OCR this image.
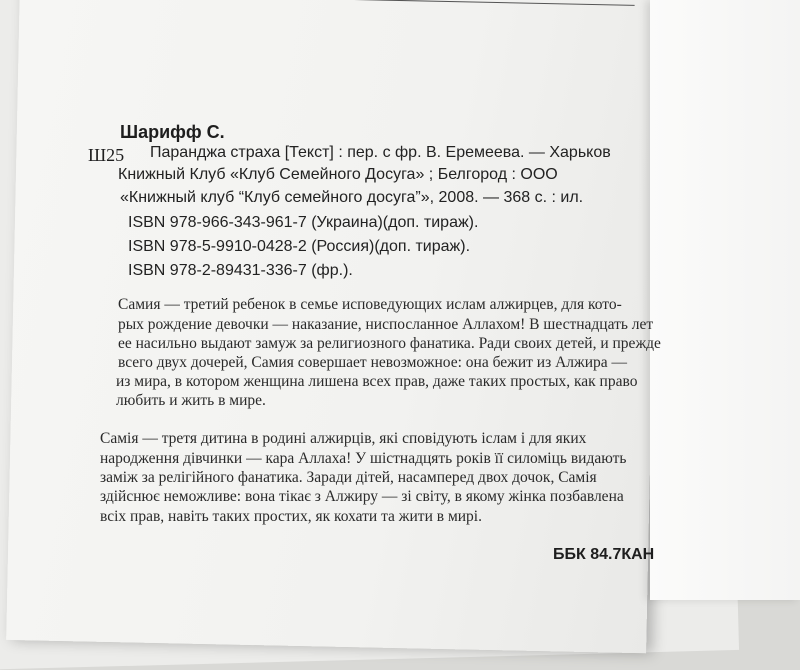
Шарифф С.
Ш25 Паранджа страха [Текст] : пер. с фр. В. Еремеева. — Харьков
Книжный Клуб «Клуб Семейного Досуга» ; Белгород : ООО
«Книжный клуб “Клуб семейного досуга”», 2008. — 368 с. : ил.
ISBN 978-966-343-961-7 (Украина)(доп. тираж).
ISBN 978-5-9910-0428-2 (Россия)(доп. тираж).
ISBN 978-2-89431-336-7 (фр.).
Самия — третий ребенок в семье исповедующих ислам алжирцев, для кото-
рых рождение девочки — наказание, ниспосланное Аллахом! В шестнадцать лет
ее насильно выдают замуж за религиозного фанатика. Ради своих детей, и прежде
всего двух дочерей, Самия совершает невозможное: она бежит из Алжира —
из мира, в котором женщина лишена всех прав, даже таких простых, как право
любить и жить в мире.
Самія — третя дитина в родині алжирців, які сповідують іслам і для яких
народження дівчинки — кара Аллаха! У шістнадцять років її силоміць видають
заміж за релігійного фанатика. Заради дітей, насамперед двох дочок, Самія
здійснює неможливе: вона тікає з Алжиру — зі світу, в якому жінка позбавлена
всіх прав, навіть таких простих, як кохати та жити в мирі.
ББК 84.7КАН
